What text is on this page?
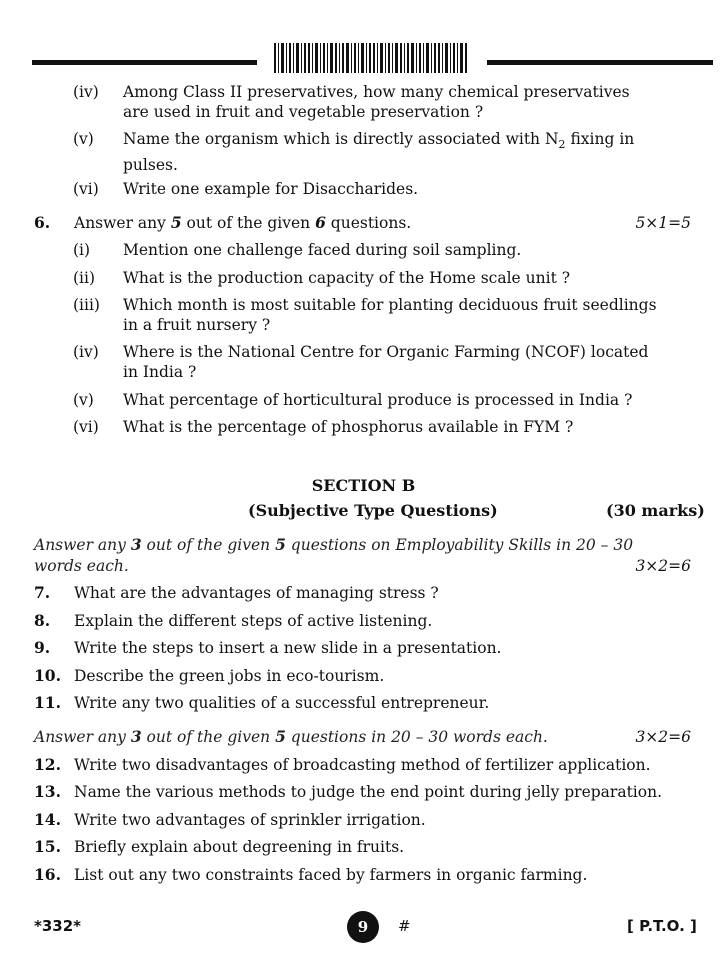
(iv) Among Class II preservatives, how many chemical preservatives are used in fruit and vegetable preservation ?
(v) Name the organism which is directly associated with $N_2$ fixing in pulses.
(vi) Write one example for Disaccharides.
6. Answer any 5 out of the given 6 questions.	5×1=5
(i) Mention one challenge faced during soil sampling.
(ii) What is the production capacity of the Home scale unit ?
(iii) Which month is most suitable for planting deciduous fruit seedlings in a fruit nursery ?
(iv) Where is the National Centre for Organic Farming (NCOF) located in India ?
(v) What percentage of horticultural produce is processed in India ?
(vi) What is the percentage of phosphorus available in FYM ?
SECTION B
(Subjective Type Questions)	(30 marks)
Answer any 3 out of the given 5 questions on Employability Skills in 20 – 30
words each.	3×2=6
7. What are the advantages of managing stress ?
8. Explain the different steps of active listening.
9. Write the steps to insert a new slide in a presentation.
10. Describe the green jobs in eco-tourism.
11. Write any two qualities of a successful entrepreneur.
Answer any 3 out of the given 5 questions in 20 – 30 words each.	3×2=6
12. Write two disadvantages of broadcasting method of fertilizer application.
13. Name the various methods to judge the end point during jelly preparation.
14. Write two advantages of sprinkler irrigation.
15. Briefly explain about degreening in fruits.
16. List out any two constraints faced by farmers in organic farming.
*332*	9	#	[ P.T.O. ]
